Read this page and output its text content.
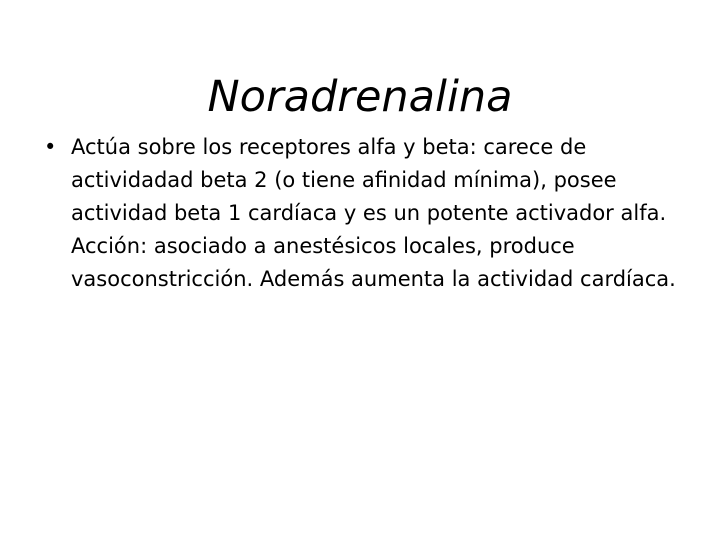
Noradrenalina
• Actúa sobre los receptores alfa y beta: carece de actividadad beta 2 (o tiene afinidad mínima), posee actividad beta 1 cardíaca y es un potente activador alfa.

Acción: asociado a anestésicos locales, produce vasoconstricción. Además aumenta la actividad cardíaca.
